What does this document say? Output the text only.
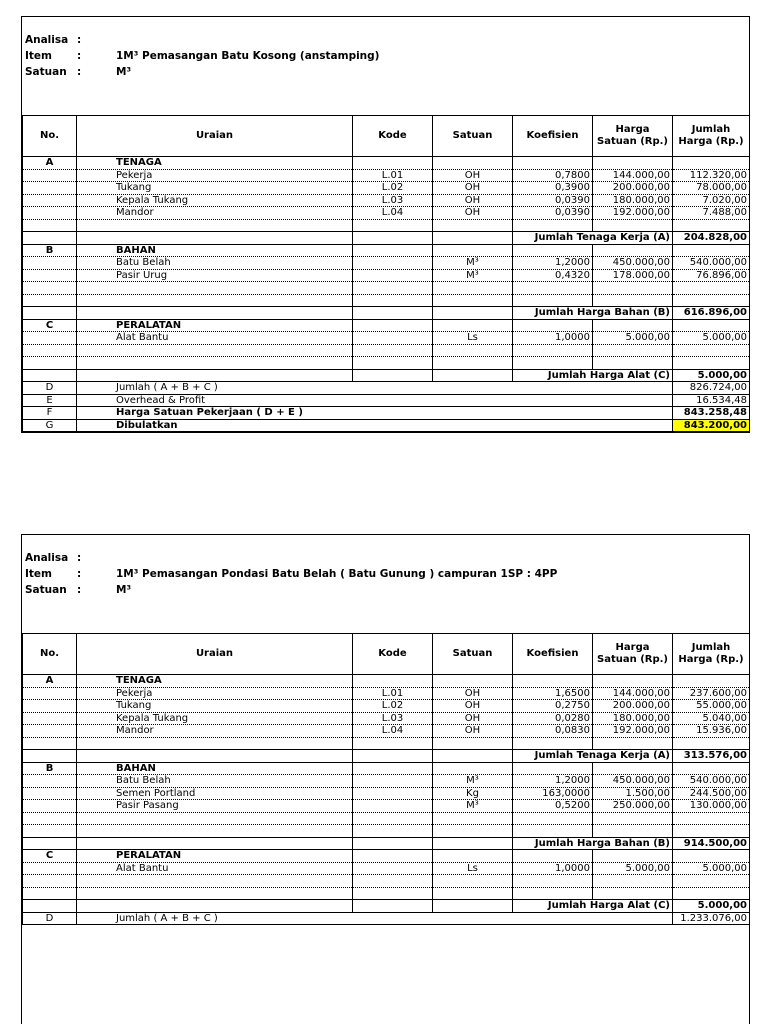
Analisa :
Item :	1M³ Pemasangan Batu Kosong (anstamping)
Satuan :	M³
No.	Uraian	Kode	Satuan	Koefisien	Harga Satuan (Rp.)	Jumlah Harga (Rp.)
A	TENAGA					
	Pekerja	L.01	OH	0,7800	144.000,00	112.320,00
	Tukang	L.02	OH	0,3900	200.000,00	78.000,00
	Kepala Tukang	L.03	OH	0,0390	180.000,00	7.020,00
	Mandor	L.04	OH	0,0390	192.000,00	7.488,00

				Jumlah Tenaga Kerja (A)		204.828,00
B	BAHAN					
	Batu Belah		M³	1,2000	450.000,00	540.000,00
	Pasir Urug		M³	0,4320	178.000,00	76.896,00

				Jumlah Harga Bahan (B)		616.896,00
C	PERALATAN					
	Alat Bantu		Ls	1,0000	5.000,00	5.000,00

				Jumlah Harga Alat (C)		5.000,00
D	Jumlah ( A + B + C )					826.724,00
E	Overhead & Profit					16.534,48
F	Harga Satuan Pekerjaan ( D + E )					843.258,48
G	Dibulatkan					843.200,00
Analisa :
Item :	1M³ Pemasangan Pondasi Batu Belah ( Batu Gunung ) campuran 1SP : 4PP
Satuan :	M³
No.	Uraian	Kode	Satuan	Koefisien	Harga Satuan (Rp.)	Jumlah Harga (Rp.)
A	TENAGA					
	Pekerja	L.01	OH	1,6500	144.000,00	237.600,00
	Tukang	L.02	OH	0,2750	200.000,00	55.000,00
	Kepala Tukang	L.03	OH	0,0280	180.000,00	5.040,00
	Mandor	L.04	OH	0,0830	192.000,00	15.936,00

				Jumlah Tenaga Kerja (A)		313.576,00
B	BAHAN					
	Batu Belah		M³	1,2000	450.000,00	540.000,00
	Semen Portland		Kg	163,0000	1.500,00	244.500,00
	Pasir Pasang		M³	0,5200	250.000,00	130.000,00

				Jumlah Harga Bahan (B)		914.500,00
C	PERALATAN					
	Alat Bantu		Ls	1,0000	5.000,00	5.000,00

				Jumlah Harga Alat (C)		5.000,00
D	Jumlah ( A + B + C )					1.233.076,00
